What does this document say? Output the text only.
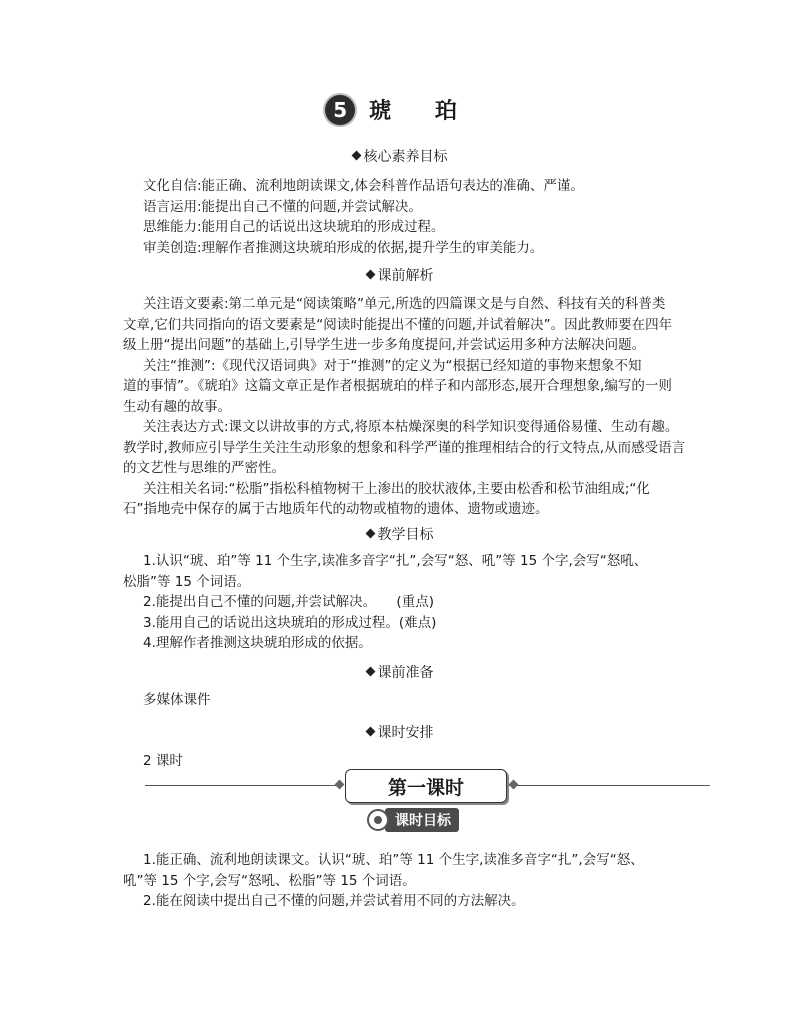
5	琥 珀
核心素养目标
文化自信:能正确、流利地朗读课文,体会科普作品语句表达的准确、严谨。
语言运用:能提出自己不懂的问题,并尝试解决。
思维能力:能用自己的话说出这块琥珀的形成过程。
审美创造:理解作者推测这块琥珀形成的依据,提升学生的审美能力。
课前解析
关注语文要素:第二单元是“阅读策略”单元,所选的四篇课文是与自然、科技有关的科普类
文章,它们共同指向的语文要素是“阅读时能提出不懂的问题,并试着解决”。因此教师要在四年
级上册“提出问题”的基础上,引导学生进一步多角度提问,并尝试运用多种方法解决问题。
关注“推测”:《现代汉语词典》对于“推测”的定义为“根据已经知道的事物来想象不知
道的事情”。《琥珀》这篇文章正是作者根据琥珀的样子和内部形态,展开合理想象,编写的一则
生动有趣的故事。
关注表达方式:课文以讲故事的方式,将原本枯燥深奥的科学知识变得通俗易懂、生动有趣。
教学时,教师应引导学生关注生动形象的想象和科学严谨的推理相结合的行文特点,从而感受语言
的文艺性与思维的严密性。
关注相关名词:“松脂”指松科植物树干上渗出的胶状液体,主要由松香和松节油组成;“化
石”指地壳中保存的属于古地质年代的动物或植物的遗体、遗物或遗迹。
教学目标
1.认识“琥、珀”等 11 个生字,读准多音字“扎”,会写“怒、吼”等 15 个字,会写“怒吼、
松脂”等 15 个词语。
2.能提出自己不懂的问题,并尝试解决。　　(重点)
3.能用自己的话说出这块琥珀的形成过程。(难点)
4.理解作者推测这块琥珀形成的依据。
课前准备
多媒体课件
课时安排
2 课时
第一课时
课时目标
1.能正确、流利地朗读课文。认识“琥、珀”等 11 个生字,读准多音字“扎”,会写“怒、
吼”等 15 个字,会写“怒吼、松脂”等 15 个词语。
2.能在阅读中提出自己不懂的问题,并尝试着用不同的方法解决。
